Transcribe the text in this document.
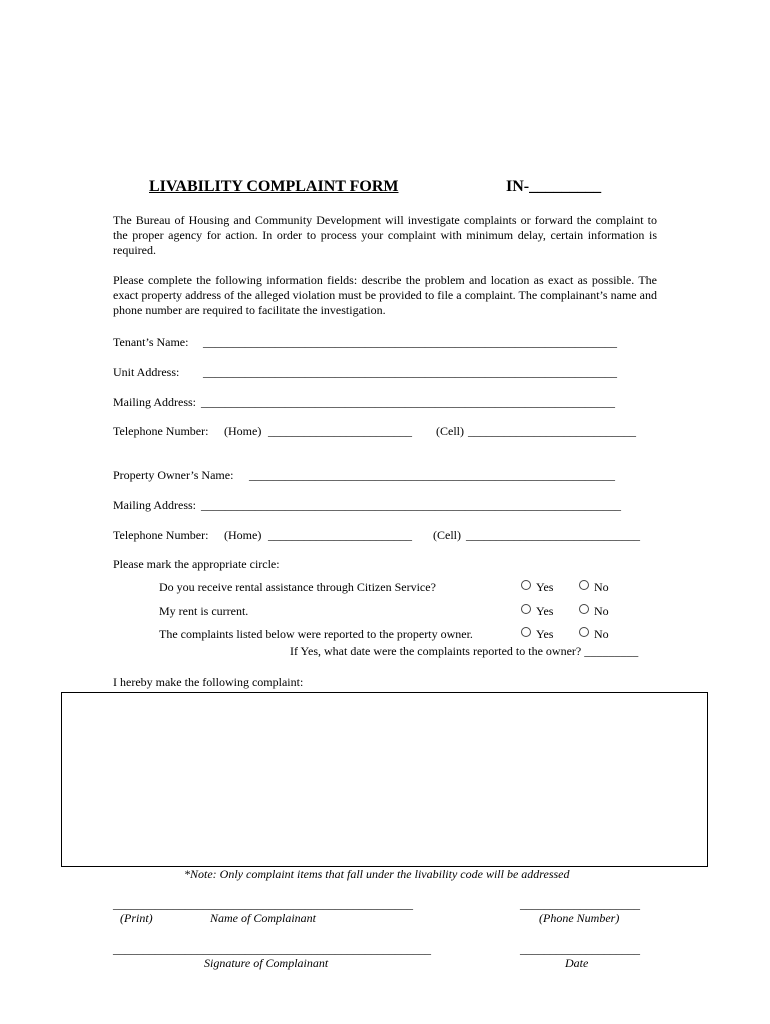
LIVABILITY COMPLAINT FORM	IN-_________
The Bureau of Housing and Community Development will investigate complaints or forward the complaint to the proper agency for action. In order to process your complaint with minimum delay, certain information is required.
Please complete the following information fields: describe the problem and location as exact as possible. The exact property address of the alleged violation must be provided to file a complaint. The complainant’s name and phone number are required to facilitate the investigation.
Tenant’s Name: _____________________________________________________________________
Unit Address: _____________________________________________________________________
Mailing Address: _____________________________________________________________________
Telephone Number: (Home) ________________________ (Cell) ____________________________
Property Owner’s Name: _____________________________________________________________
Mailing Address: ______________________________________________________________________
Telephone Number: (Home) ________________________ (Cell) _____________________________
Please mark the appropriate circle:
Do you receive rental assistance through Citizen Service?	Yes	No
My rent is current.	Yes	No
The complaints listed below were reported to the property owner.	Yes	No
If Yes, what date were the complaints reported to the owner? _________
I hereby make the following complaint:
*Note: Only complaint items that fall under the livability code will be addressed
__________________________________________________	____________________
(Print)	Name of Complainant	(Phone Number)
_____________________________________________________	____________________
Signature of Complainant	Date
